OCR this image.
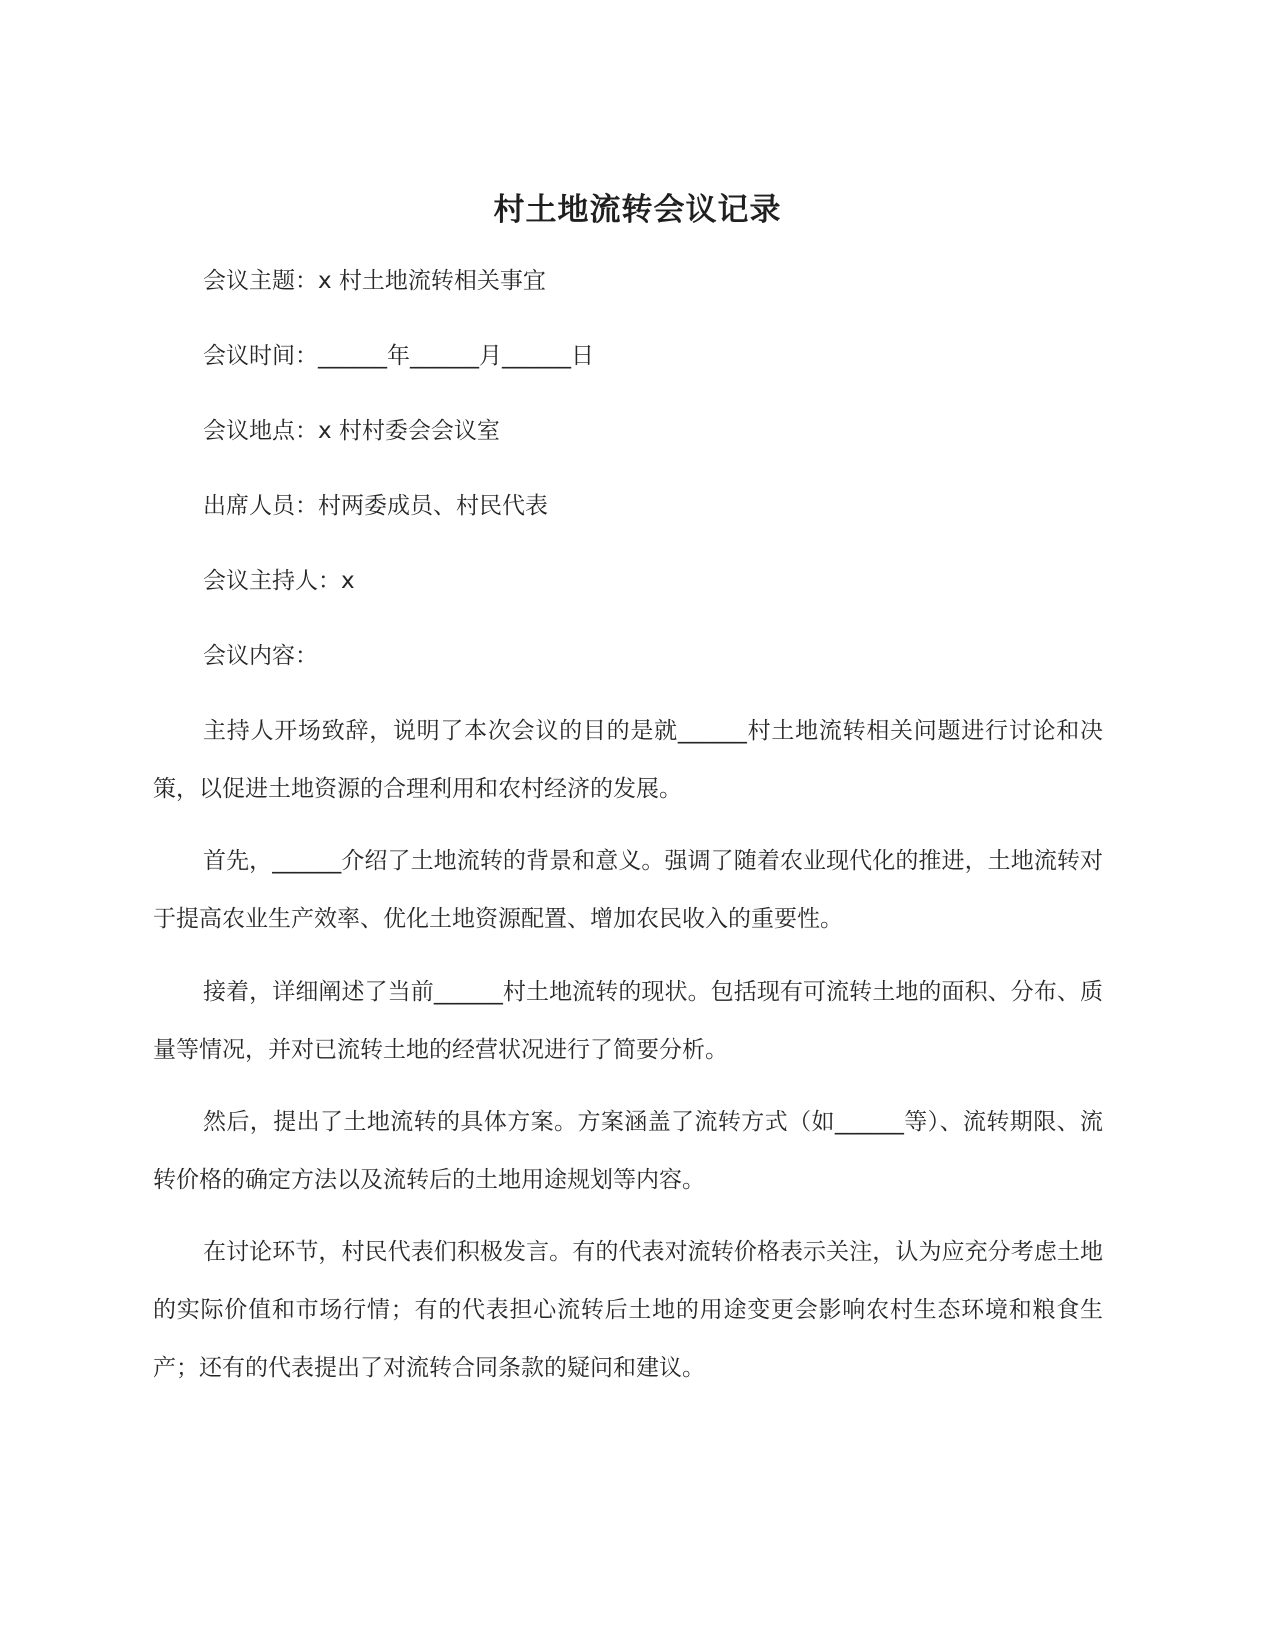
村土地流转会议记录
会议主题：x 村土地流转相关事宜
会议时间：______年______月______日
会议地点：x 村村委会会议室
出席人员：村两委成员、村民代表
会议主持人：x
会议内容：
主持人开场致辞，说明了本次会议的目的是就______村土地流转相关问题进行讨论和决策，以促进土地资源的合理利用和农村经济的发展。
首先，______介绍了土地流转的背景和意义。强调了随着农业现代化的推进，土地流转对于提高农业生产效率、优化土地资源配置、增加农民收入的重要性。
接着，详细阐述了当前______村土地流转的现状。包括现有可流转土地的面积、分布、质量等情况，并对已流转土地的经营状况进行了简要分析。
然后，提出了土地流转的具体方案。方案涵盖了流转方式（如______等）、流转期限、流转价格的确定方法以及流转后的土地用途规划等内容。
在讨论环节，村民代表们积极发言。有的代表对流转价格表示关注，认为应充分考虑土地的实际价值和市场行情；有的代表担心流转后土地的用途变更会影响农村生态环境和粮食生产；还有的代表提出了对流转合同条款的疑问和建议。
